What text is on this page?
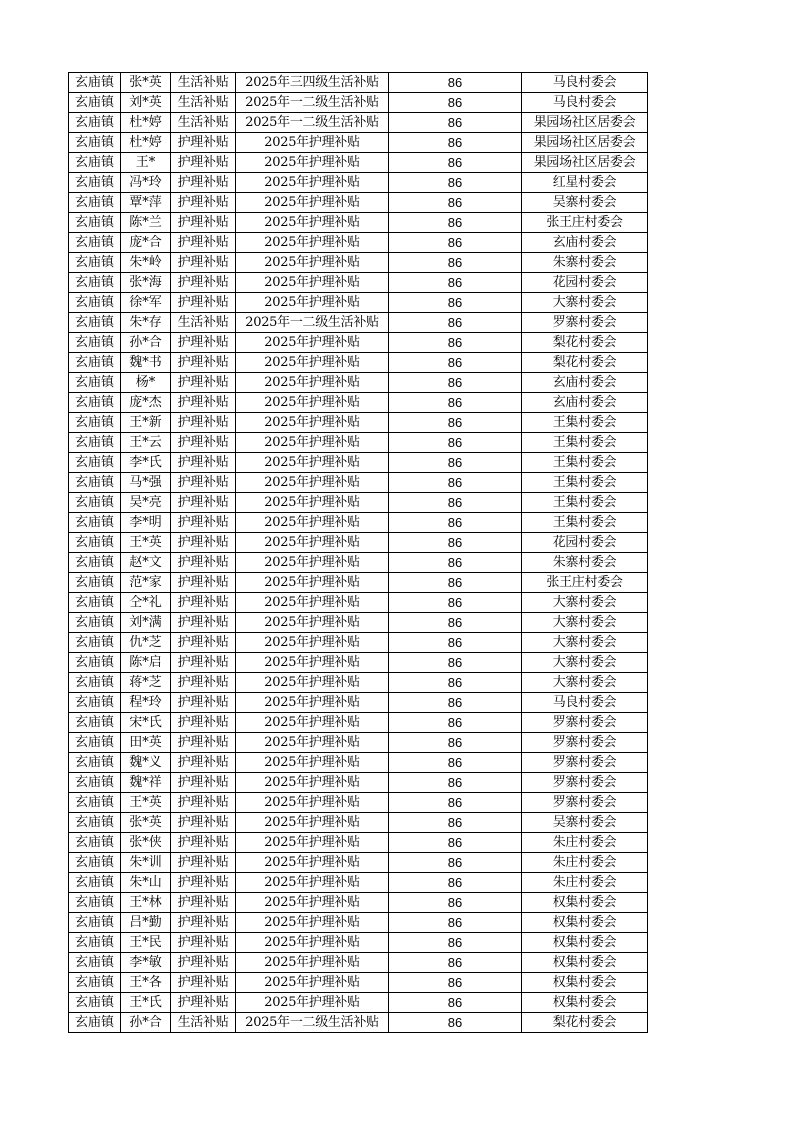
玄庙镇	张*英	生活补贴	2025年三四级生活补贴	86	马良村委会
玄庙镇	刘*英	生活补贴	2025年一二级生活补贴	86	马良村委会
玄庙镇	杜*婷	生活补贴	2025年一二级生活补贴	86	果园场社区居委会
玄庙镇	杜*婷	护理补贴	2025年护理补贴	86	果园场社区居委会
玄庙镇	王*	护理补贴	2025年护理补贴	86	果园场社区居委会
玄庙镇	冯*玲	护理补贴	2025年护理补贴	86	红星村委会
玄庙镇	覃*萍	护理补贴	2025年护理补贴	86	吴寨村委会
玄庙镇	陈*兰	护理补贴	2025年护理补贴	86	张王庄村委会
玄庙镇	庞*合	护理补贴	2025年护理补贴	86	玄庙村委会
玄庙镇	朱*岭	护理补贴	2025年护理补贴	86	朱寨村委会
玄庙镇	张*海	护理补贴	2025年护理补贴	86	花园村委会
玄庙镇	徐*军	护理补贴	2025年护理补贴	86	大寨村委会
玄庙镇	朱*存	生活补贴	2025年一二级生活补贴	86	罗寨村委会
玄庙镇	孙*合	护理补贴	2025年护理补贴	86	梨花村委会
玄庙镇	魏*书	护理补贴	2025年护理补贴	86	梨花村委会
玄庙镇	杨*	护理补贴	2025年护理补贴	86	玄庙村委会
玄庙镇	庞*杰	护理补贴	2025年护理补贴	86	玄庙村委会
玄庙镇	王*新	护理补贴	2025年护理补贴	86	王集村委会
玄庙镇	王*云	护理补贴	2025年护理补贴	86	王集村委会
玄庙镇	李*氏	护理补贴	2025年护理补贴	86	王集村委会
玄庙镇	马*强	护理补贴	2025年护理补贴	86	王集村委会
玄庙镇	吴*亮	护理补贴	2025年护理补贴	86	王集村委会
玄庙镇	李*明	护理补贴	2025年护理补贴	86	王集村委会
玄庙镇	王*英	护理补贴	2025年护理补贴	86	花园村委会
玄庙镇	赵*文	护理补贴	2025年护理补贴	86	朱寨村委会
玄庙镇	范*家	护理补贴	2025年护理补贴	86	张王庄村委会
玄庙镇	仝*礼	护理补贴	2025年护理补贴	86	大寨村委会
玄庙镇	刘*满	护理补贴	2025年护理补贴	86	大寨村委会
玄庙镇	仇*芝	护理补贴	2025年护理补贴	86	大寨村委会
玄庙镇	陈*启	护理补贴	2025年护理补贴	86	大寨村委会
玄庙镇	蒋*芝	护理补贴	2025年护理补贴	86	大寨村委会
玄庙镇	程*玲	护理补贴	2025年护理补贴	86	马良村委会
玄庙镇	宋*氏	护理补贴	2025年护理补贴	86	罗寨村委会
玄庙镇	田*英	护理补贴	2025年护理补贴	86	罗寨村委会
玄庙镇	魏*义	护理补贴	2025年护理补贴	86	罗寨村委会
玄庙镇	魏*祥	护理补贴	2025年护理补贴	86	罗寨村委会
玄庙镇	王*英	护理补贴	2025年护理补贴	86	罗寨村委会
玄庙镇	张*英	护理补贴	2025年护理补贴	86	吴寨村委会
玄庙镇	张*侠	护理补贴	2025年护理补贴	86	朱庄村委会
玄庙镇	朱*训	护理补贴	2025年护理补贴	86	朱庄村委会
玄庙镇	朱*山	护理补贴	2025年护理补贴	86	朱庄村委会
玄庙镇	王*林	护理补贴	2025年护理补贴	86	权集村委会
玄庙镇	吕*勤	护理补贴	2025年护理补贴	86	权集村委会
玄庙镇	王*民	护理补贴	2025年护理补贴	86	权集村委会
玄庙镇	李*敏	护理补贴	2025年护理补贴	86	权集村委会
玄庙镇	王*各	护理补贴	2025年护理补贴	86	权集村委会
玄庙镇	王*氏	护理补贴	2025年护理补贴	86	权集村委会
玄庙镇	孙*合	生活补贴	2025年一二级生活补贴	86	梨花村委会
